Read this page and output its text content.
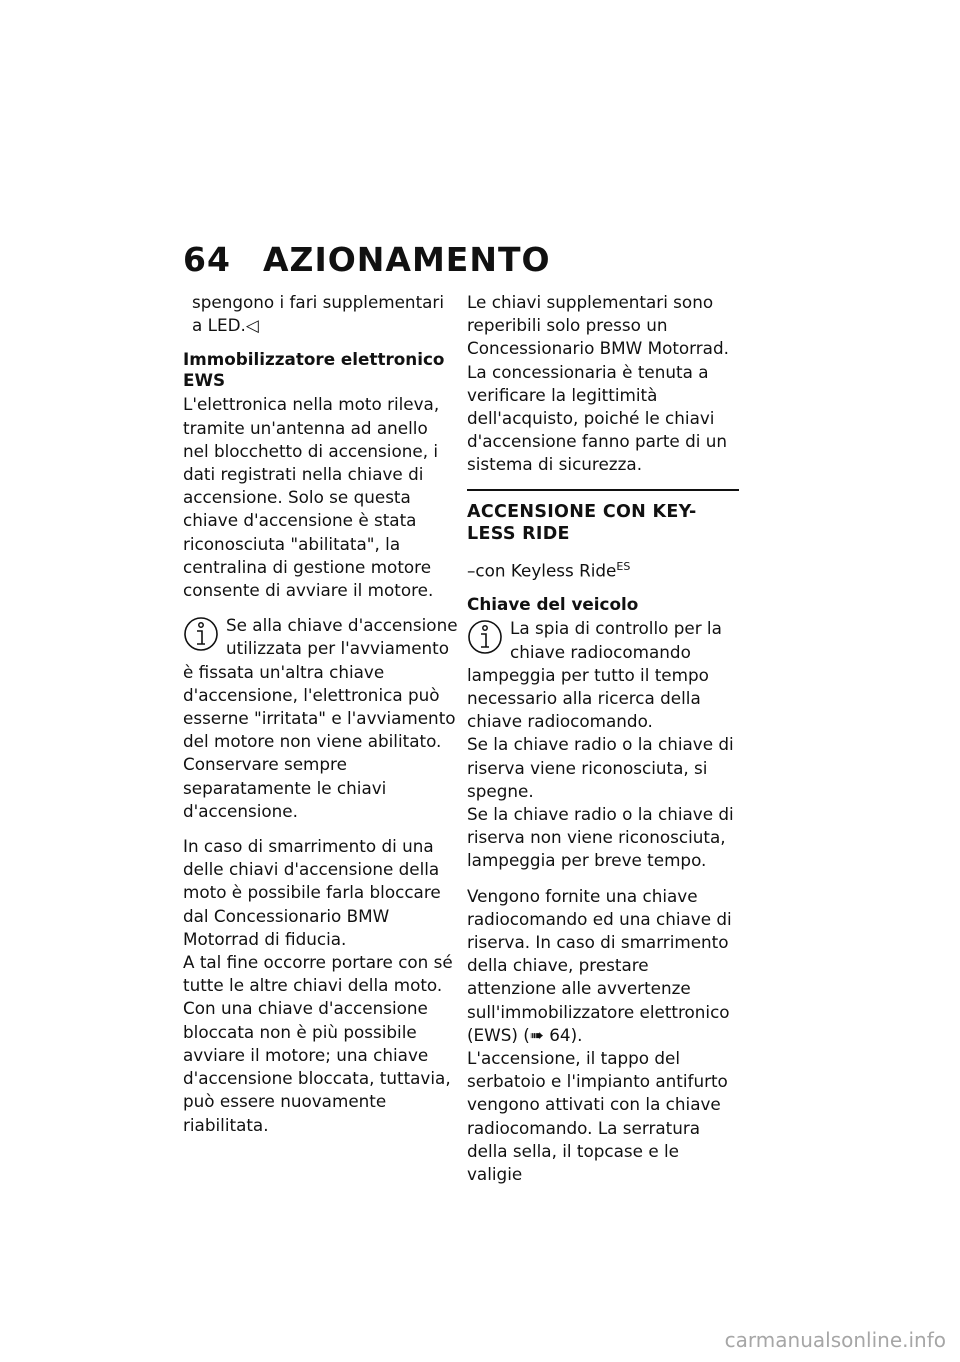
64 AZIONAMENTO

spengono i fari supplementari a LED.◁

Immobilizzatore elettronico EWS

L'elettronica nella moto rileva, tramite un'antenna ad anello nel blocchetto di accensione, i dati registrati nella chiave di accensione. Solo se questa chiave d'accensione è stata riconosciuta "abilitata", la centralina di gestione motore consente di avviare il motore.

Se alla chiave d'accensione utilizzata per l'avviamento è fissata un'altra chiave d'accensione, l'elettronica può esserne "irritata" e l'avviamento del motore non viene abilitato.

Conservare sempre separatamente le chiavi d'accensione.

In caso di smarrimento di una delle chiavi d'accensione della moto è possibile farla bloccare dal Concessionario BMW Motorrad di fiducia.

A tal fine occorre portare con sé tutte le altre chiavi della moto. Con una chiave d'accensione bloccata non è più possibile avviare il motore; una chiave d'accensione bloccata, tuttavia, può essere nuovamente riabilitata.

Le chiavi supplementari sono reperibili solo presso un Concessionario BMW Motorrad. La concessionaria è tenuta a verificare la legittimità dell'acquisto, poiché le chiavi d'accensione fanno parte di un sistema di sicurezza.

ACCENSIONE CON KEY-LESS RIDE

–con Keyless Ride$^{ES}$

Chiave del veicolo

La spia di controllo per la chiave radiocomando lampeggia per tutto il tempo necessario alla ricerca della chiave radiocomando.

Se la chiave radio o la chiave di riserva viene riconosciuta, si spegne.

Se la chiave radio o la chiave di riserva non viene riconosciuta, lampeggia per breve tempo.

Vengono fornite una chiave radiocomando ed una chiave di riserva. In caso di smarrimento della chiave, prestare attenzione alle avvertenze sull'immobilizzatore elettronico (EWS) (➠ 64).

L'accensione, il tappo del serbatoio e l'impianto antifurto vengono attivati con la chiave radiocomando. La serratura della sella, il topcase e le valigie

carmanualsonline.info
